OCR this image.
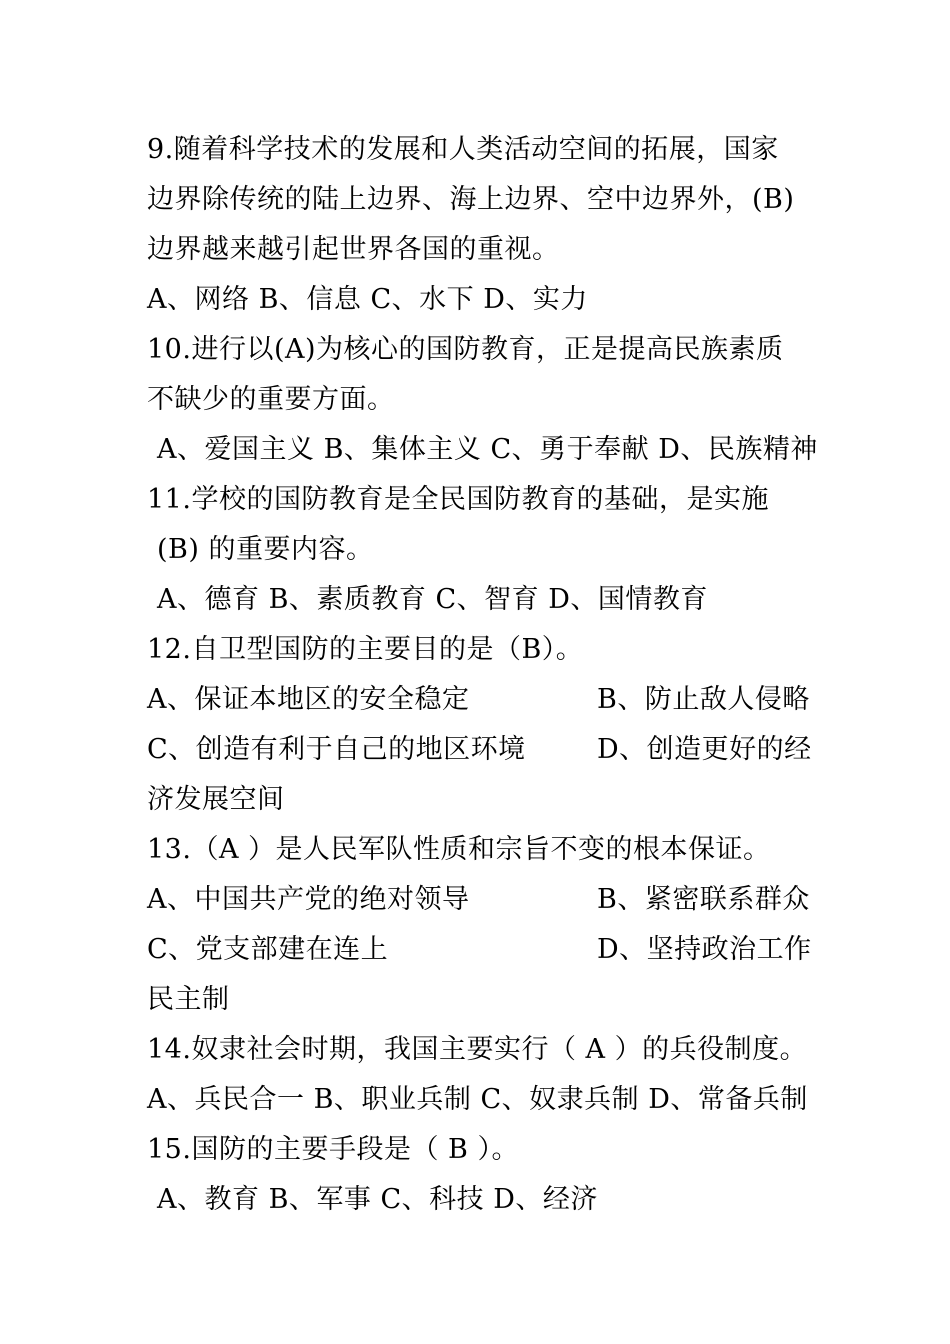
9.随着科学技术的发展和人类活动空间的拓展，国家
边界除传统的陆上边界、海上边界、空中边界外，(B)
边界越来越引起世界各国的重视。
A、网络 B、信息 C、水下 D、实力
10.进行以(A)为核心的国防教育，正是提高民族素质
不缺少的重要方面。
A、爱国主义 B、集体主义 C、勇于奉献 D、民族精神
11.学校的国防教育是全民国防教育的基础，是实施
(B) 的重要内容。
A、德育 B、素质教育 C、智育 D、国情教育
12.自卫型国防的主要目的是（B）。
A、保证本地区的安全稳定	B、防止敌人侵略
C、创造有利于自己的地区环境	D、创造更好的经
济发展空间
13.（A ）是人民军队性质和宗旨不变的根本保证。
A、中国共产党的绝对领导	B、紧密联系群众
C、党支部建在连上	D、坚持政治工作
民主制
14.奴隶社会时期，我国主要实行（ A ）的兵役制度。
A、兵民合一 B、职业兵制 C、奴隶兵制 D、常备兵制
15.国防的主要手段是（ B ）。
A、教育 B、军事 C、科技 D、经济
